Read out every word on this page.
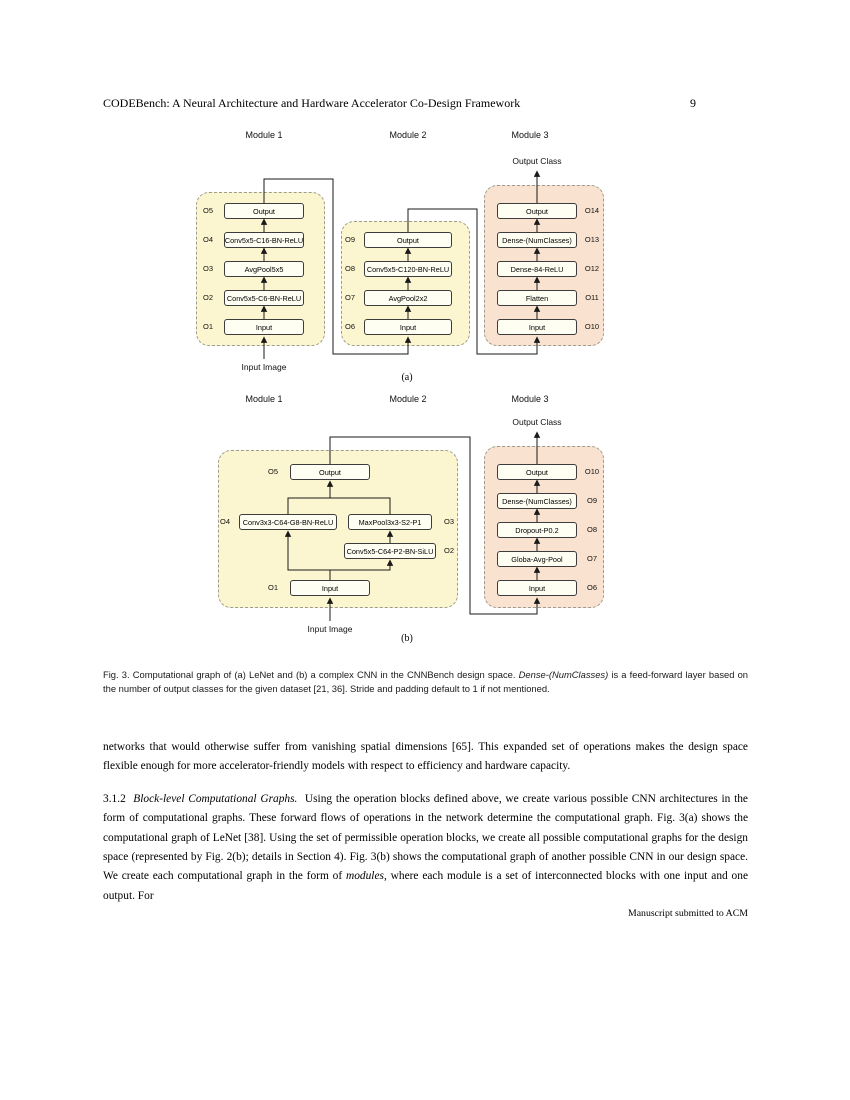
CODEBench: A Neural Architecture and Hardware Accelerator Co-Design Framework	9
Module 1	Module 2	Module 3
Output Class
Module 1	Module 2	Module 3
Output Class
Output
O5
Conv5x5-C16-BN-ReLU
O4
AvgPool5x5
O3
Conv5x5-C6-BN-ReLU
O2
Input
O1
Output
O9
Conv5x5-C120-BN-ReLU
O8
AvgPool2x2
O7
Input
O6
Output	O14
Dense-(NumClasses)	O13
Dense-84-ReLU	O12
Flatten	O11
Input	O10
Input Image
(a)
Output
O5
Conv3x3-C64-G8-BN-ReLU
O4	MaxPool3x3-S2-P1	O3
Conv5x5-C64-P2-BN-SiLU	O2
Input
O1
Output	O10
Dense-(NumClasses)	O9
Dropout-P0.2	O8
Globa-Avg-Pool	O7
Input	O6
Input Image
(b)

Fig. 3. Computational graph of (a) LeNet and (b) a complex CNN in the CNNBench design space. Dense-(NumClasses) is a feed-forward layer based on the number of output classes for the given dataset [21, 36]. Stride and padding default to 1 if not mentioned.

networks that would otherwise suffer from vanishing spatial dimensions [65]. This expanded set of operations makes the design space flexible enough for more accelerator-friendly models with respect to efficiency and hardware capacity.

3.1.2 Block-level Computational Graphs. Using the operation blocks defined above, we create various possible CNN architectures in the form of computational graphs. These forward flows of operations in the network determine the computational graph. Fig. 3(a) shows the computational graph of LeNet [38]. Using the set of permissible operation blocks, we create all possible computational graphs for the design space (represented by Fig. 2(b); details in Section 4). Fig. 3(b) shows the computational graph of another possible CNN in our design space. We create each computational graph in the form of modules, where each module is a set of interconnected blocks with one input and one output. For

Manuscript submitted to ACM
